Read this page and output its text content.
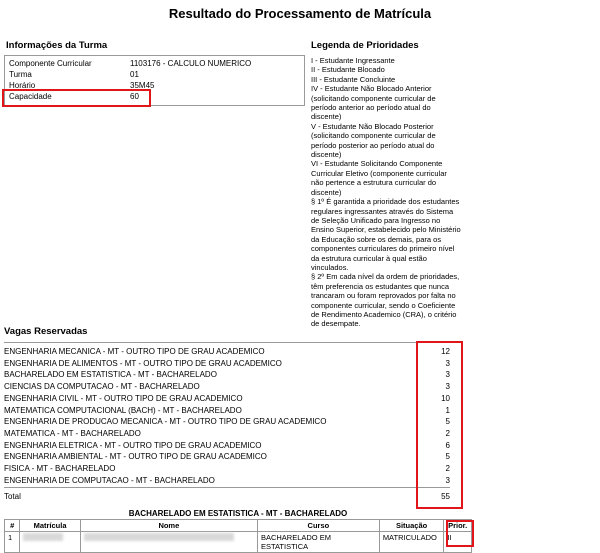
Resultado do Processamento de Matrícula
Informações da Turma
Componente Curricular	1103176 - CALCULO NUMERICO
Turma	01
Horário	35M45
Capacidade	60
Legenda de Prioridades
I - Estudante Ingressante
II - Estudante Blocado
III - Estudante Concluinte
IV - Estudante Não Blocado Anterior
(solicitando componente curricular de
período anterior ao período atual do
discente)
V - Estudante Não Blocado Posterior
(solicitando componente curricular de
período posterior ao período atual do
discente)
VI - Estudante Solicitando Componente
Curricular Eletivo (componente curricular
não pertence a estrutura curricular do
discente)
§ 1º É garantida a prioridade dos estudantes
regulares ingressantes através do Sistema
de Seleção Unificado para Ingresso no
Ensino Superior, estabelecido pelo Ministério
da Educação sobre os demais, para os
componentes curriculares do primeiro nível
da estrutura curricular à qual estão
vinculados.
§ 2º Em cada nível da ordem de prioridades,
têm preferencia os estudantes que nunca
trancaram ou foram reprovados por falta no
componente curricular, sendo o Coeficiente
de Rendimento Academico (CRA), o critério
de desempate.
Vagas Reservadas
ENGENHARIA MECANICA - MT - OUTRO TIPO DE GRAU ACADEMICO	12
ENGENHARIA DE ALIMENTOS - MT - OUTRO TIPO DE GRAU ACADEMICO	3
BACHARELADO EM ESTATISTICA - MT - BACHARELADO	3
CIENCIAS DA COMPUTACAO - MT - BACHARELADO	3
ENGENHARIA CIVIL - MT - OUTRO TIPO DE GRAU ACADEMICO	10
MATEMATICA COMPUTACIONAL (BACH) - MT - BACHARELADO	1
ENGENHARIA DE PRODUCAO MECANICA - MT - OUTRO TIPO DE GRAU ACADEMICO	5
MATEMATICA - MT - BACHARELADO	2
ENGENHARIA ELETRICA - MT - OUTRO TIPO DE GRAU ACADEMICO	6
ENGENHARIA AMBIENTAL - MT - OUTRO TIPO DE GRAU ACADEMICO	5
FISICA - MT - BACHARELADO	2
ENGENHARIA DE COMPUTACAO - MT - BACHARELADO	3
Total	55
BACHARELADO EM ESTATISTICA - MT - BACHARELADO
#	Matrícula	Nome	Curso	Situação	Prior.
1			BACHARELADO EM ESTATISTICA	MATRICULADO	II
